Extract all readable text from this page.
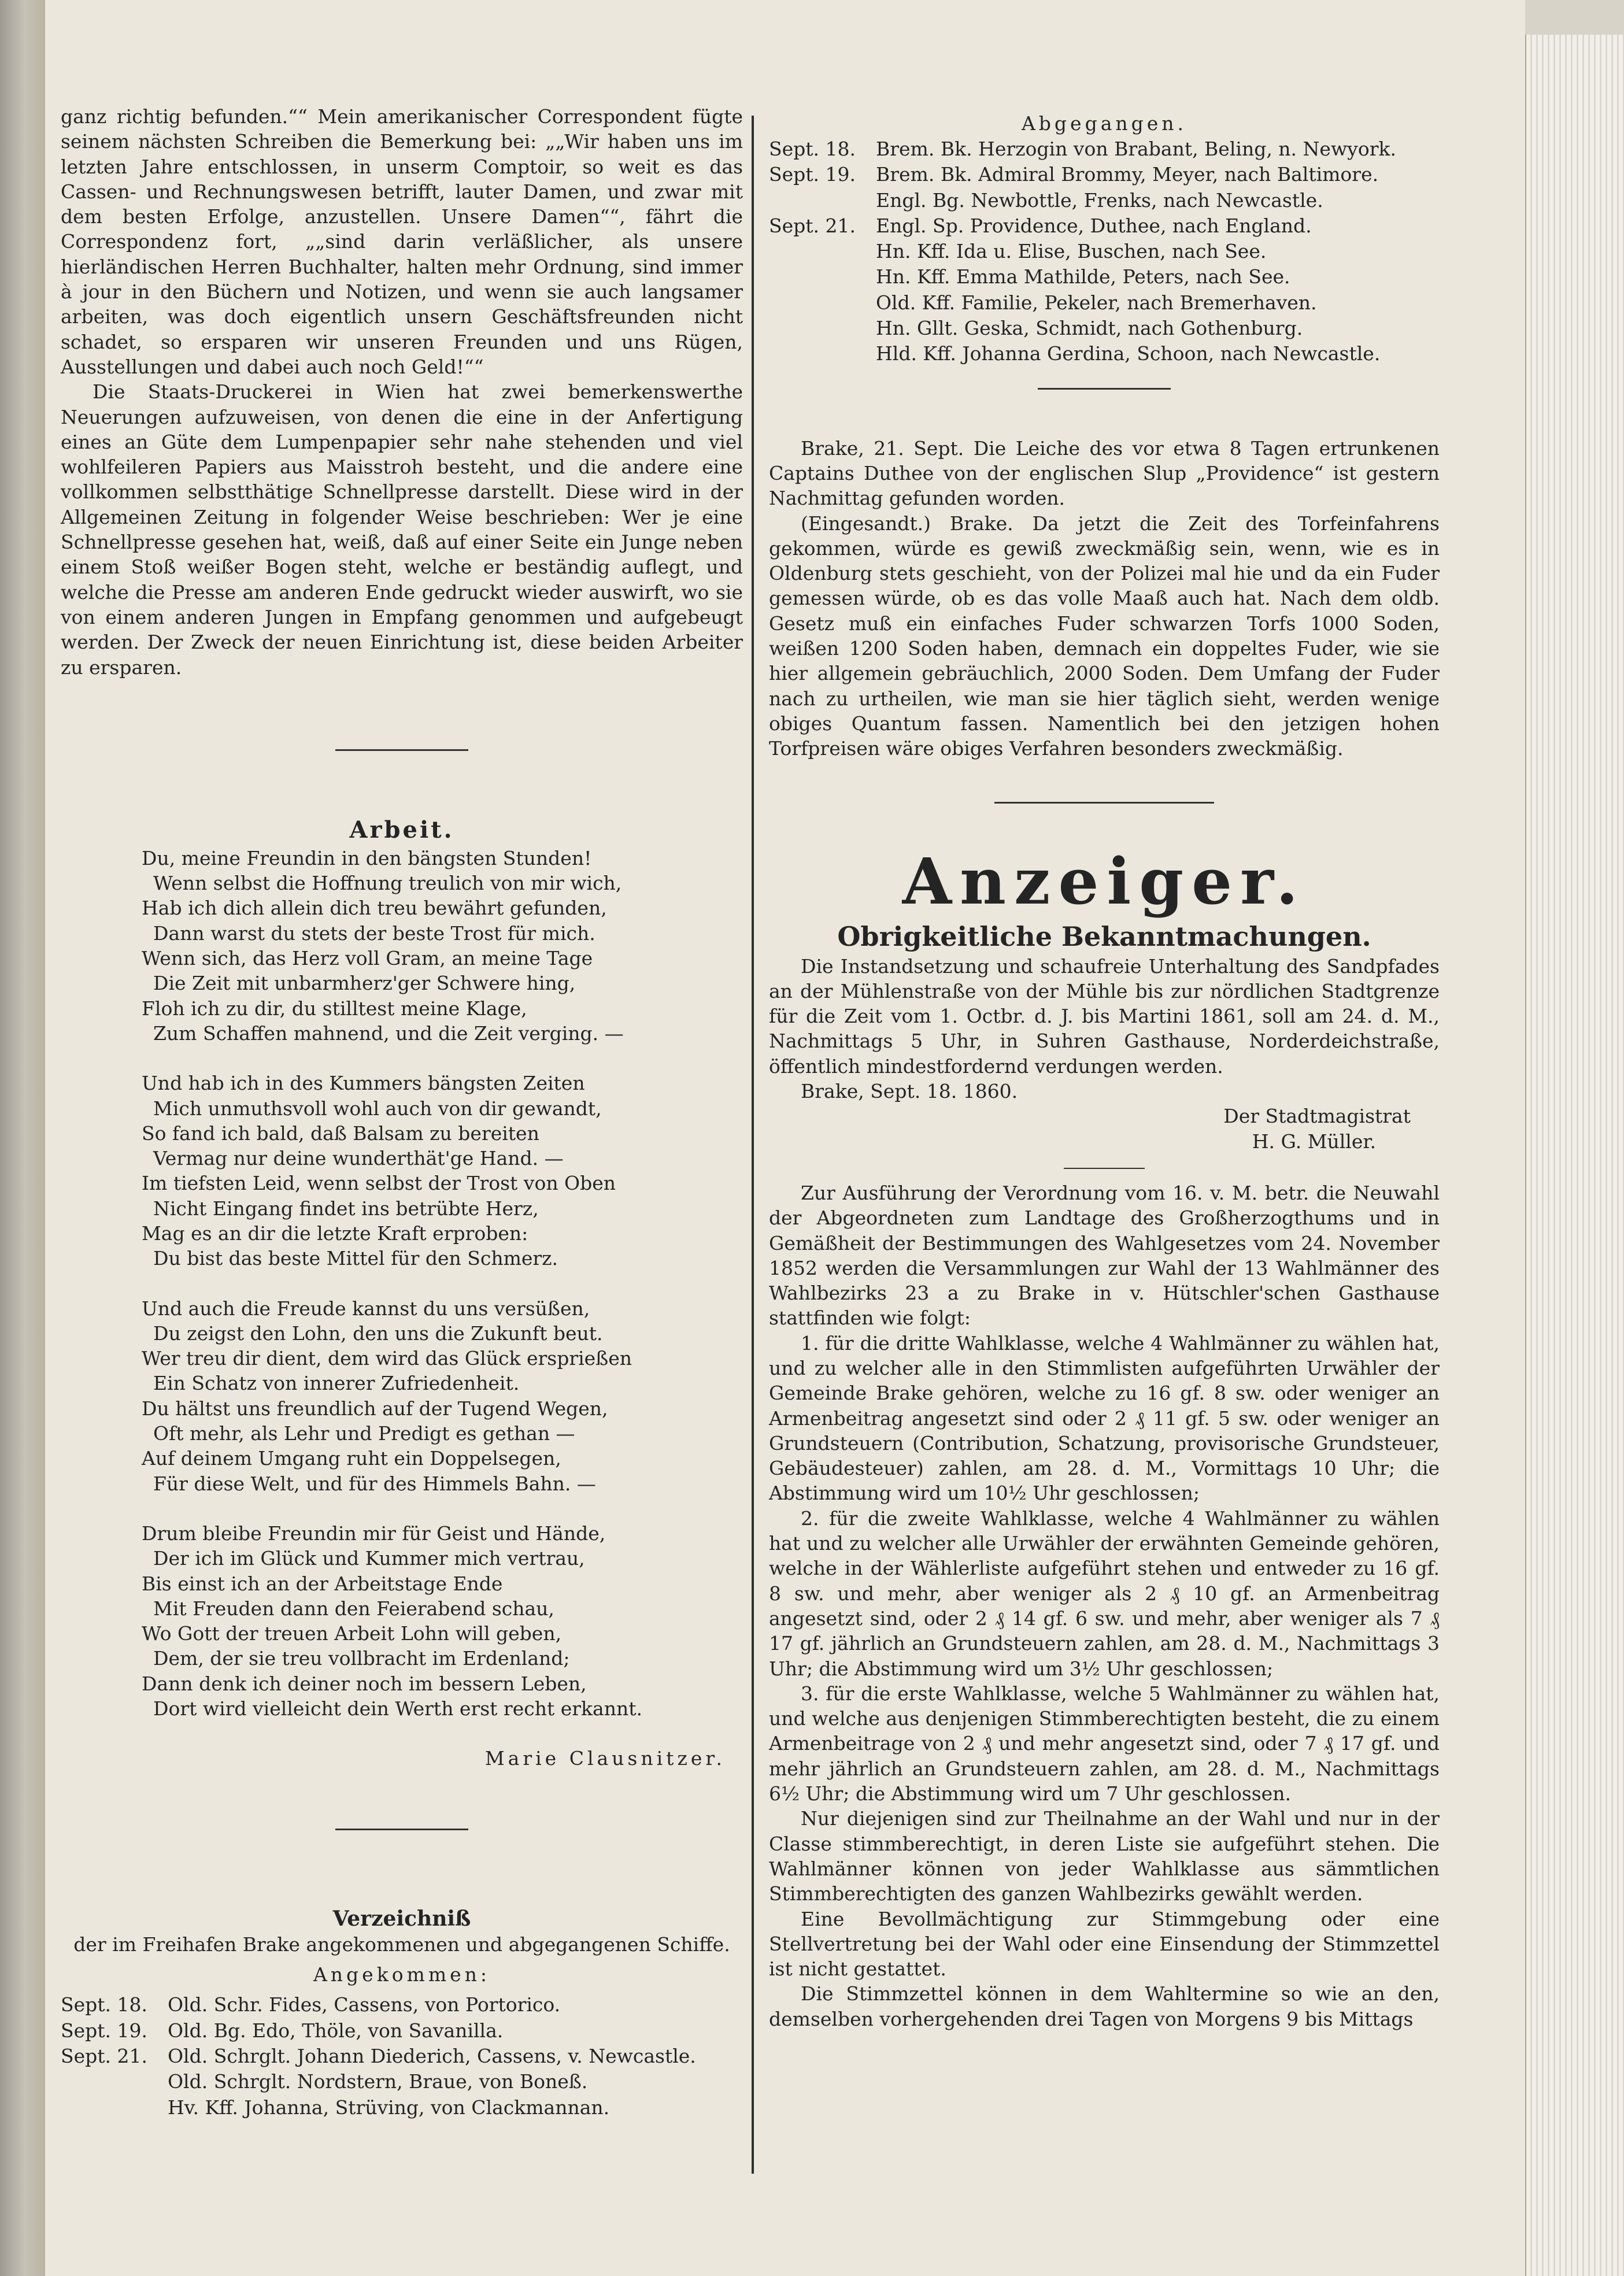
ganz richtig befunden.““ Mein amerikanischer Correspondent fügte seinem nächsten Schreiben die Bemerkung bei: „„Wir haben uns im letzten Jahre entschlossen, in unserm Comptoir, so weit es das Cassen- und Rechnungswesen betrifft, lauter Damen, und zwar mit dem besten Erfolge, anzustellen. Unsere Damen““, fährt die Correspondenz fort, „„sind darin verläßlicher, als unsere hierländischen Herren Buchhalter, halten mehr Ordnung, sind immer à jour in den Büchern und Notizen, und wenn sie auch langsamer arbeiten, was doch eigentlich unsern Geschäftsfreunden nicht schadet, so ersparen wir unseren Freunden und uns Rügen, Ausstellungen und dabei auch noch Geld!““

Die Staats-Druckerei in Wien hat zwei bemerkenswerthe Neuerungen aufzuweisen, von denen die eine in der Anfertigung eines an Güte dem Lumpenpapier sehr nahe stehenden und viel wohlfeileren Papiers aus Maisstroh besteht, und die andere eine vollkommen selbstthätige Schnellpresse darstellt. Diese wird in der Allgemeinen Zeitung in folgender Weise beschrieben: Wer je eine Schnellpresse gesehen hat, weiß, daß auf einer Seite ein Junge neben einem Stoß weißer Bogen steht, welche er beständig auflegt, und welche die Presse am anderen Ende gedruckt wieder auswirft, wo sie von einem anderen Jungen in Empfang genommen und aufgebeugt werden. Der Zweck der neuen Einrichtung ist, diese beiden Arbeiter zu ersparen.

Arbeit.
Du, meine Freundin in den bängsten Stunden!
Wenn selbst die Hoffnung treulich von mir wich,
Hab ich dich allein dich treu bewährt gefunden,
Dann warst du stets der beste Trost für mich.
Wenn sich, das Herz voll Gram, an meine Tage
Die Zeit mit unbarmherz'ger Schwere hing,
Floh ich zu dir, du stilltest meine Klage,
Zum Schaffen mahnend, und die Zeit verging. —
Und hab ich in des Kummers bängsten Zeiten
Mich unmuthsvoll wohl auch von dir gewandt,
So fand ich bald, daß Balsam zu bereiten
Vermag nur deine wunderthät'ge Hand. —
Im tiefsten Leid, wenn selbst der Trost von Oben
Nicht Eingang findet ins betrübte Herz,
Mag es an dir die letzte Kraft erproben:
Du bist das beste Mittel für den Schmerz.
Und auch die Freude kannst du uns versüßen,
Du zeigst den Lohn, den uns die Zukunft beut.
Wer treu dir dient, dem wird das Glück ersprießen
Ein Schatz von innerer Zufriedenheit.
Du hältst uns freundlich auf der Tugend Wegen,
Oft mehr, als Lehr und Predigt es gethan —
Auf deinem Umgang ruht ein Doppelsegen,
Für diese Welt, und für des Himmels Bahn. —
Drum bleibe Freundin mir für Geist und Hände,
Der ich im Glück und Kummer mich vertrau,
Bis einst ich an der Arbeitstage Ende
Mit Freuden dann den Feierabend schau,
Wo Gott der treuen Arbeit Lohn will geben,
Dem, der sie treu vollbracht im Erdenland;
Dann denk ich deiner noch im bessern Leben,
Dort wird vielleicht dein Werth erst recht erkannt.
Marie Clausnitzer.
Verzeichniß
der im Freihafen Brake angekommenen und abgegangenen Schiffe.
Angekommen:
Sept. 18.	Old. Schr. Fides, Cassens, von Portorico.
Sept. 19.	Old. Bg. Edo, Thöle, von Savanilla.
Sept. 21.	Old. Schrglt. Johann Diederich, Cassens, v. Newcastle.
Old. Schrglt. Nordstern, Braue, von Boneß.
Hv. Kff. Johanna, Strüving, von Clackmannan.
Abgegangen.
Sept. 18.	Brem. Bk. Herzogin von Brabant, Beling, n. Newyork.
Sept. 19.	Brem. Bk. Admiral Brommy, Meyer, nach Baltimore.
Engl. Bg. Newbottle, Frenks, nach Newcastle.
Sept. 21.	Engl. Sp. Providence, Duthee, nach England.
Hn. Kff. Ida u. Elise, Buschen, nach See.
Hn. Kff. Emma Mathilde, Peters, nach See.
Old. Kff. Familie, Pekeler, nach Bremerhaven.
Hn. Gllt. Geska, Schmidt, nach Gothenburg.
Hld. Kff. Johanna Gerdina, Schoon, nach Newcastle.

Brake, 21. Sept. Die Leiche des vor etwa 8 Tagen ertrunkenen Captains Duthee von der englischen Slup „Providence“ ist gestern Nachmittag gefunden worden.

(Eingesandt.) Brake. Da jetzt die Zeit des Torfeinfahrens gekommen, würde es gewiß zweckmäßig sein, wenn, wie es in Oldenburg stets geschieht, von der Polizei mal hie und da ein Fuder gemessen würde, ob es das volle Maaß auch hat. Nach dem oldb. Gesetz muß ein einfaches Fuder schwarzen Torfs 1000 Soden, weißen 1200 Soden haben, demnach ein doppeltes Fuder, wie sie hier allgemein gebräuchlich, 2000 Soden. Dem Umfang der Fuder nach zu urtheilen, wie man sie hier täglich sieht, werden wenige obiges Quantum fassen. Namentlich bei den jetzigen hohen Torfpreisen wäre obiges Verfahren besonders zweckmäßig.

Anzeiger.
Obrigkeitliche Bekanntmachungen.

Die Instandsetzung und schaufreie Unterhaltung des Sandpfades an der Mühlenstraße von der Mühle bis zur nördlichen Stadtgrenze für die Zeit vom 1. Octbr. d. J. bis Martini 1861, soll am 24. d. M., Nachmittags 5 Uhr, in Suhren Gasthause, Norderdeichstraße, öffentlich mindestfordernd verdungen werden.

Brake, Sept. 18. 1860.
Der Stadtmagistrat
H. G. Müller.

Zur Ausführung der Verordnung vom 16. v. M. betr. die Neuwahl der Abgeordneten zum Landtage des Großherzogthums und in Gemäßheit der Bestimmungen des Wahlgesetzes vom 24. November 1852 werden die Versammlungen zur Wahl der 13 Wahlmänner des Wahlbezirks 23 a zu Brake in v. Hütschler'schen Gasthause stattfinden wie folgt:

1. für die dritte Wahlklasse, welche 4 Wahlmänner zu wählen hat, und zu welcher alle in den Stimmlisten aufgeführten Urwähler der Gemeinde Brake gehören, welche zu 16 gf. 8 sw. oder weniger an Armenbeitrag angesetzt sind oder 2 ₰ 11 gf. 5 sw. oder weniger an Grundsteuern (Contribution, Schatzung, provisorische Grundsteuer, Gebäudesteuer) zahlen, am 28. d. M., Vormittags 10 Uhr; die Abstimmung wird um 10½ Uhr geschlossen;

2. für die zweite Wahlklasse, welche 4 Wahlmänner zu wählen hat und zu welcher alle Urwähler der erwähnten Gemeinde gehören, welche in der Wählerliste aufgeführt stehen und entweder zu 16 gf. 8 sw. und mehr, aber weniger als 2 ₰ 10 gf. an Armenbeitrag angesetzt sind, oder 2 ₰ 14 gf. 6 sw. und mehr, aber weniger als 7 ₰ 17 gf. jährlich an Grundsteuern zahlen, am 28. d. M., Nachmittags 3 Uhr; die Abstimmung wird um 3½ Uhr geschlossen;

3. für die erste Wahlklasse, welche 5 Wahlmänner zu wählen hat, und welche aus denjenigen Stimmberechtigten besteht, die zu einem Armenbeitrage von 2 ₰ und mehr angesetzt sind, oder 7 ₰ 17 gf. und mehr jährlich an Grundsteuern zahlen, am 28. d. M., Nachmittags 6½ Uhr; die Abstimmung wird um 7 Uhr geschlossen.

Nur diejenigen sind zur Theilnahme an der Wahl und nur in der Classe stimmberechtigt, in deren Liste sie aufgeführt stehen. Die Wahlmänner können von jeder Wahlklasse aus sämmtlichen Stimmberechtigten des ganzen Wahlbezirks gewählt werden.

Eine Bevollmächtigung zur Stimmgebung oder eine Stellvertretung bei der Wahl oder eine Einsendung der Stimmzettel ist nicht gestattet.

Die Stimmzettel können in dem Wahltermine so wie an den, demselben vorhergehenden drei Tagen von Morgens 9 bis Mittags
